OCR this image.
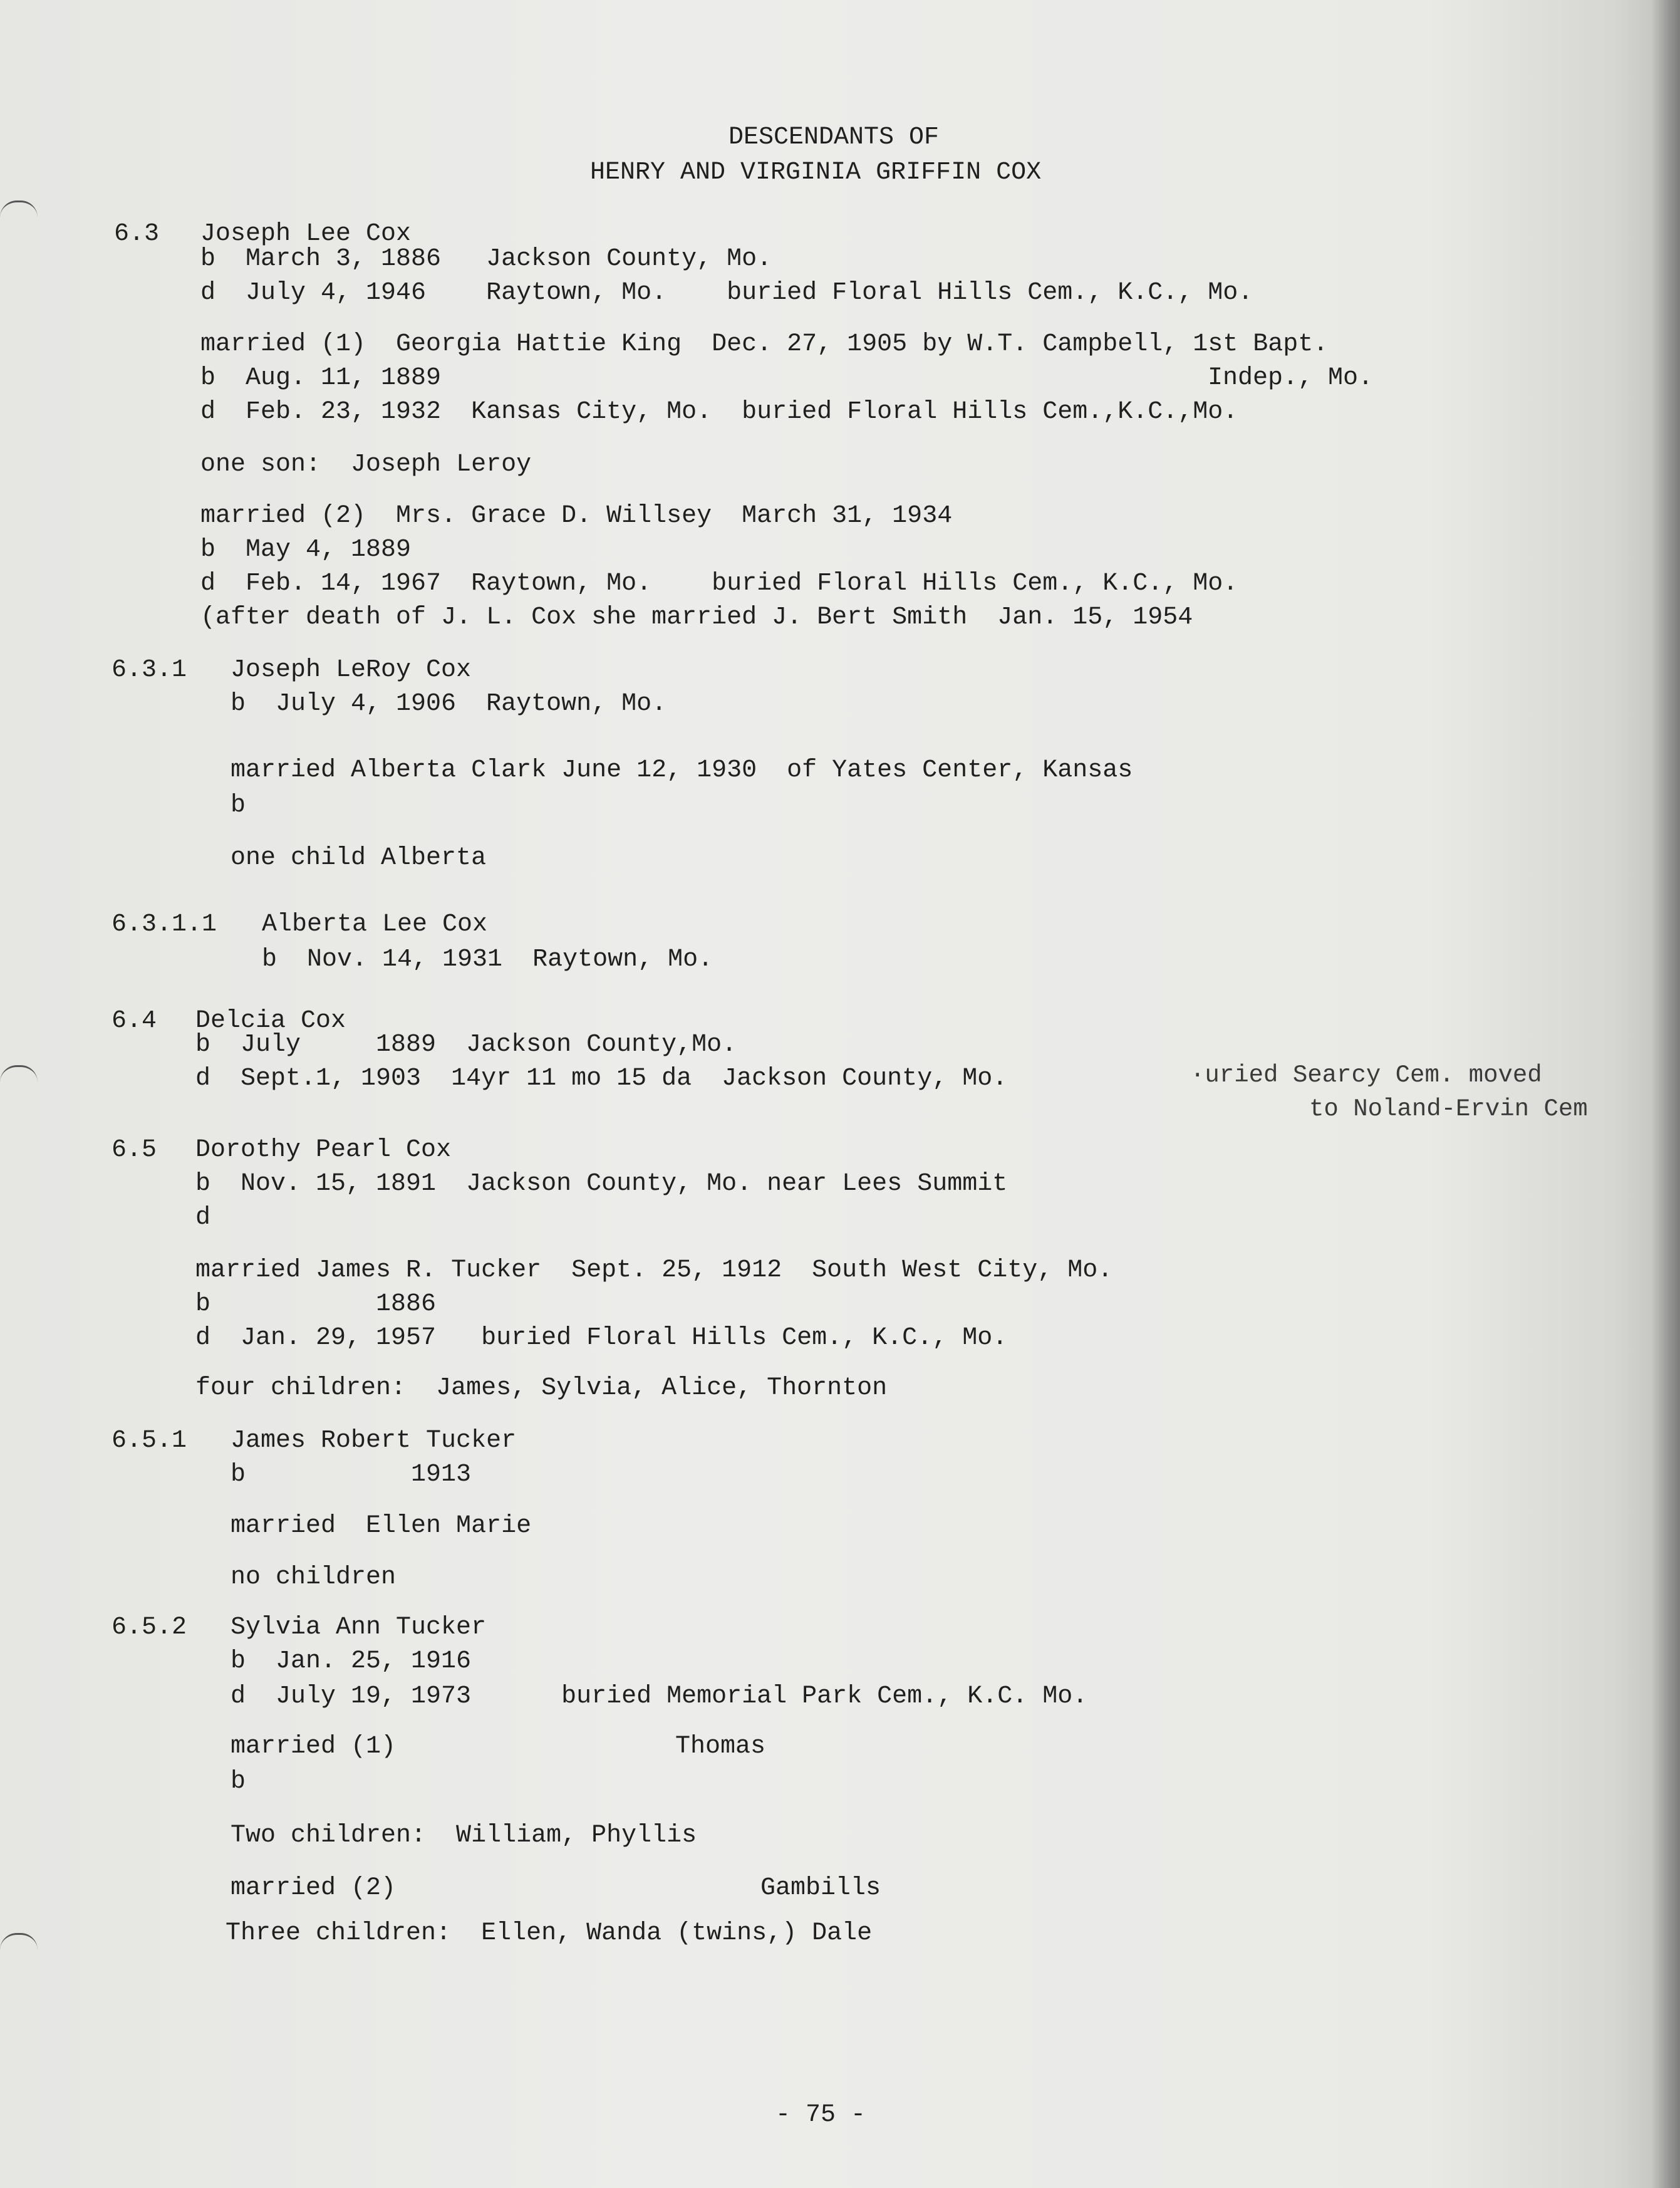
DESCENDANTS OF
HENRY AND VIRGINIA GRIFFIN COX
6.3 Joseph Lee Cox
b  March 3, 1886   Jackson County, Mo.
d  July 4, 1946    Raytown, Mo.    buried Floral Hills Cem., K.C., Mo.
married (1)  Georgia Hattie King  Dec. 27, 1905 by W.T. Campbell, 1st Bapt.
b  Aug. 11, 1889	Indep., Mo.
d  Feb. 23, 1932  Kansas City, Mo.  buried Floral Hills Cem.,K.C.,Mo.
one son:  Joseph Leroy
married (2)  Mrs. Grace D. Willsey  March 31, 1934
b  May 4, 1889
d  Feb. 14, 1967  Raytown, Mo.    buried Floral Hills Cem., K.C., Mo.
(after death of J. L. Cox she married J. Bert Smith  Jan. 15, 1954
6.3.1 Joseph LeRoy Cox
b  July 4, 1906  Raytown, Mo.
married Alberta Clark June 12, 1930  of Yates Center, Kansas
b
one child Alberta
6.3.1.1 Alberta Lee Cox
b  Nov. 14, 1931  Raytown, Mo.
6.4 Delcia Cox
b  July     1889  Jackson County,Mo.
d  Sept.1, 1903  14yr 11 mo 15 da  Jackson County, Mo.	·uried Searcy Cem. moved
to Noland-Ervin Cem
6.5 Dorothy Pearl Cox
b  Nov. 15, 1891  Jackson County, Mo. near Lees Summit
d
married James R. Tucker  Sept. 25, 1912  South West City, Mo.
b           1886
d  Jan. 29, 1957   buried Floral Hills Cem., K.C., Mo.
four children:  James, Sylvia, Alice, Thornton
6.5.1 James Robert Tucker
b           1913
married  Ellen Marie
no children
6.5.2 Sylvia Ann Tucker
b  Jan. 25, 1916
d  July 19, 1973      buried Memorial Park Cem., K.C. Mo.
married (1)	Thomas
b
Two children:  William, Phyllis
married (2)	Gambills
Three children:  Ellen, Wanda (twins,) Dale
- 75 -
